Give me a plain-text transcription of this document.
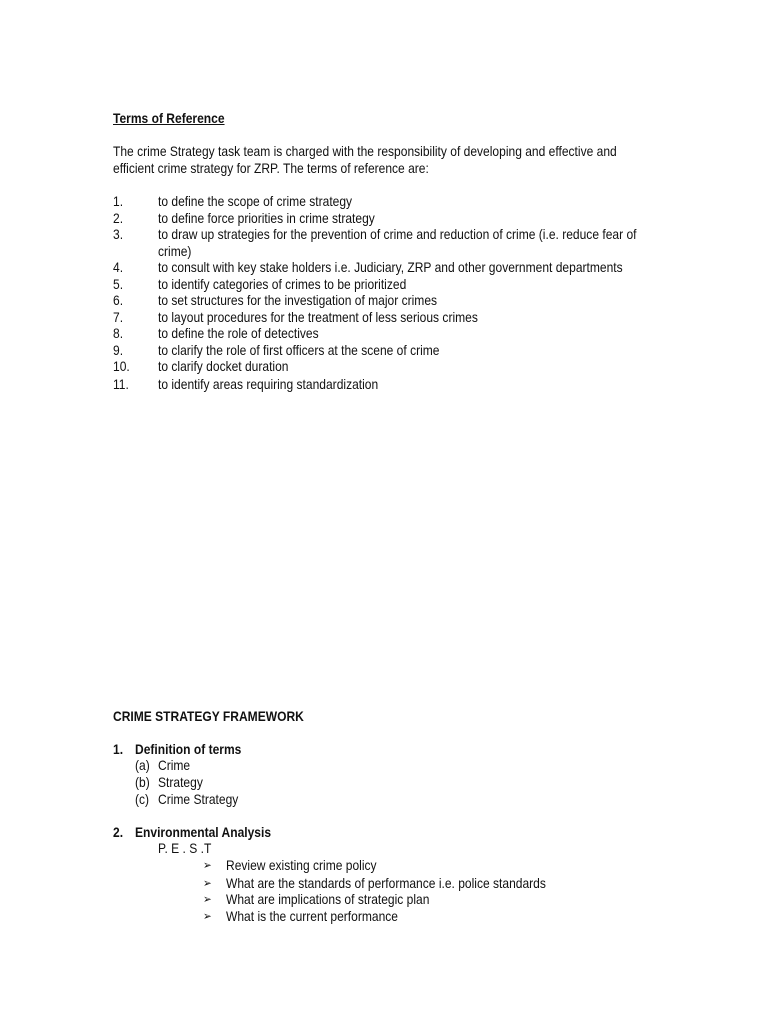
Terms of Reference
The crime Strategy task team is charged with the responsibility of developing and effective and
efficient crime strategy for ZRP. The terms of reference are:
1. to define the scope of crime strategy
2. to define force priorities in crime strategy
3. to draw up strategies for the prevention of crime and reduction of crime (i.e. reduce fear of
crime)
4. to consult with key stake holders i.e. Judiciary, ZRP and other government departments
5. to identify categories of crimes to be prioritized
6. to set structures for the investigation of major crimes
7. to layout procedures for the treatment of less serious crimes
8. to define the role of detectives
9. to clarify the role of first officers at the scene of crime
10. to clarify docket duration
11. to identify areas requiring standardization
CRIME STRATEGY FRAMEWORK
1. Definition of terms
(a) Crime
(b) Strategy
(c) Crime Strategy
2. Environmental Analysis
P. E . S .T
➢ Review existing crime policy
➢ What are the standards of performance i.e. police standards
➢ What are implications of strategic plan
➢ What is the current performance
